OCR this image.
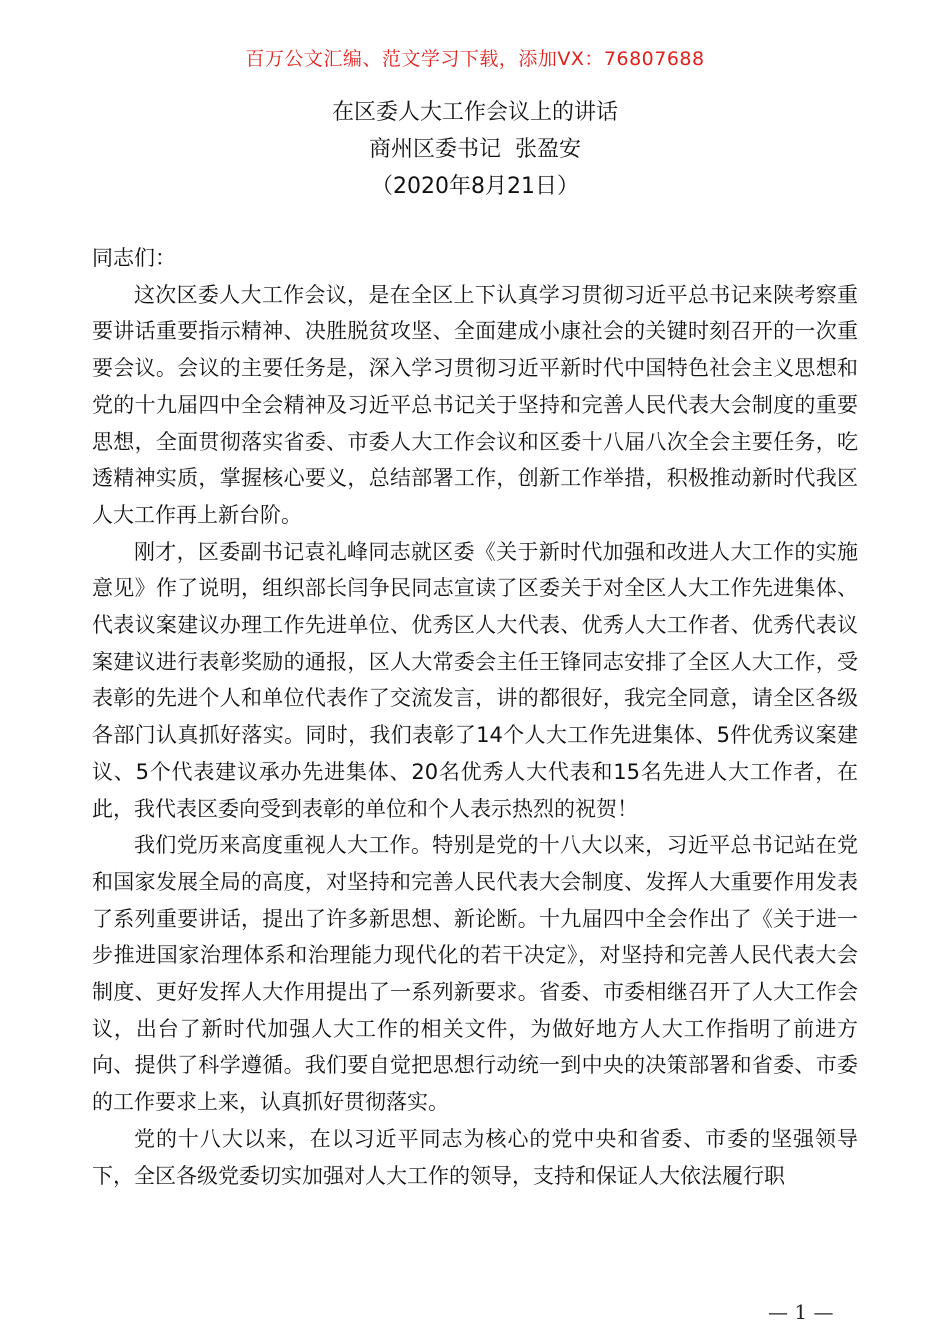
百万公文汇编、范文学习下载，添加VX：76807688
在区委人大工作会议上的讲话
商州区委书记  张盈安
（2020年8月21日）

同志们：

这次区委人大工作会议，是在全区上下认真学习贯彻习近平总书记来陕考察重要讲话重要指示精神、决胜脱贫攻坚、全面建成小康社会的关键时刻召开的一次重要会议。会议的主要任务是，深入学习贯彻习近平新时代中国特色社会主义思想和党的十九届四中全会精神及习近平总书记关于坚持和完善人民代表大会制度的重要思想，全面贯彻落实省委、市委人大工作会议和区委十八届八次全会主要任务，吃透精神实质，掌握核心要义，总结部署工作，创新工作举措，积极推动新时代我区人大工作再上新台阶。

刚才，区委副书记袁礼峰同志就区委《关于新时代加强和改进人大工作的实施意见》作了说明，组织部长闫争民同志宣读了区委关于对全区人大工作先进集体、代表议案建议办理工作先进单位、优秀区人大代表、优秀人大工作者、优秀代表议案建议进行表彰奖励的通报，区人大常委会主任王锋同志安排了全区人大工作，受表彰的先进个人和单位代表作了交流发言，讲的都很好，我完全同意，请全区各级各部门认真抓好落实。同时，我们表彰了14个人大工作先进集体、5件优秀议案建议、5个代表建议承办先进集体、20名优秀人大代表和15名先进人大工作者，在此，我代表区委向受到表彰的单位和个人表示热烈的祝贺！

我们党历来高度重视人大工作。特别是党的十八大以来，习近平总书记站在党和国家发展全局的高度，对坚持和完善人民代表大会制度、发挥人大重要作用发表了系列重要讲话，提出了许多新思想、新论断。十九届四中全会作出了《关于进一步推进国家治理体系和治理能力现代化的若干决定》，对坚持和完善人民代表大会制度、更好发挥人大作用提出了一系列新要求。省委、市委相继召开了人大工作会议，出台了新时代加强人大工作的相关文件，为做好地方人大工作指明了前进方向、提供了科学遵循。我们要自觉把思想行动统一到中央的决策部署和省委、市委的工作要求上来，认真抓好贯彻落实。

党的十八大以来，在以习近平同志为核心的党中央和省委、市委的坚强领导下，全区各级党委切实加强对人大工作的领导，支持和保证人大依法履行职

— 1 —
